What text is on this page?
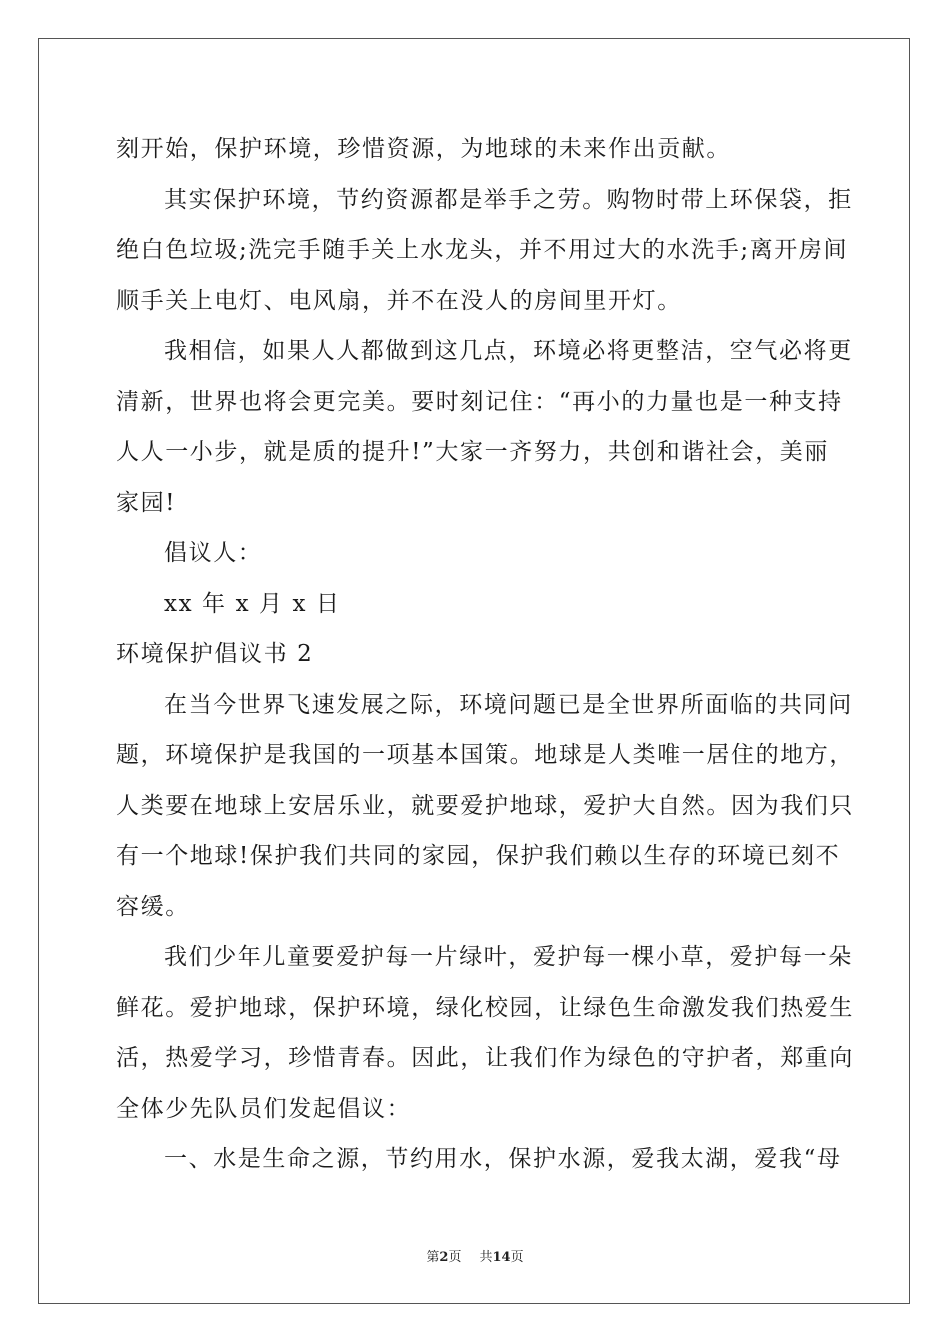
刻开始，保护环境，珍惜资源，为地球的未来作出贡献。
其实保护环境，节约资源都是举手之劳。购物时带上环保袋，拒
绝白色垃圾;洗完手随手关上水龙头，并不用过大的水洗手;离开房间
顺手关上电灯、电风扇，并不在没人的房间里开灯。
我相信，如果人人都做到这几点，环境必将更整洁，空气必将更
清新，世界也将会更完美。要时刻记住：“再小的力量也是一种支持
人人一小步，就是质的提升!”大家一齐努力，共创和谐社会，美丽
家园!
倡议人：
xx 年 x 月 x 日
环境保护倡议书 2
在当今世界飞速发展之际，环境问题已是全世界所面临的共同问
题，环境保护是我国的一项基本国策。地球是人类唯一居住的地方，
人类要在地球上安居乐业，就要爱护地球，爱护大自然。因为我们只
有一个地球!保护我们共同的家园，保护我们赖以生存的环境已刻不
容缓。
我们少年儿童要爱护每一片绿叶，爱护每一棵小草，爱护每一朵
鲜花。爱护地球，保护环境，绿化校园，让绿色生命激发我们热爱生
活，热爱学习，珍惜青春。因此，让我们作为绿色的守护者，郑重向
全体少先队员们发起倡议：
一、水是生命之源，节约用水，保护水源，爱我太湖，爱我“母
第2页 共14页
